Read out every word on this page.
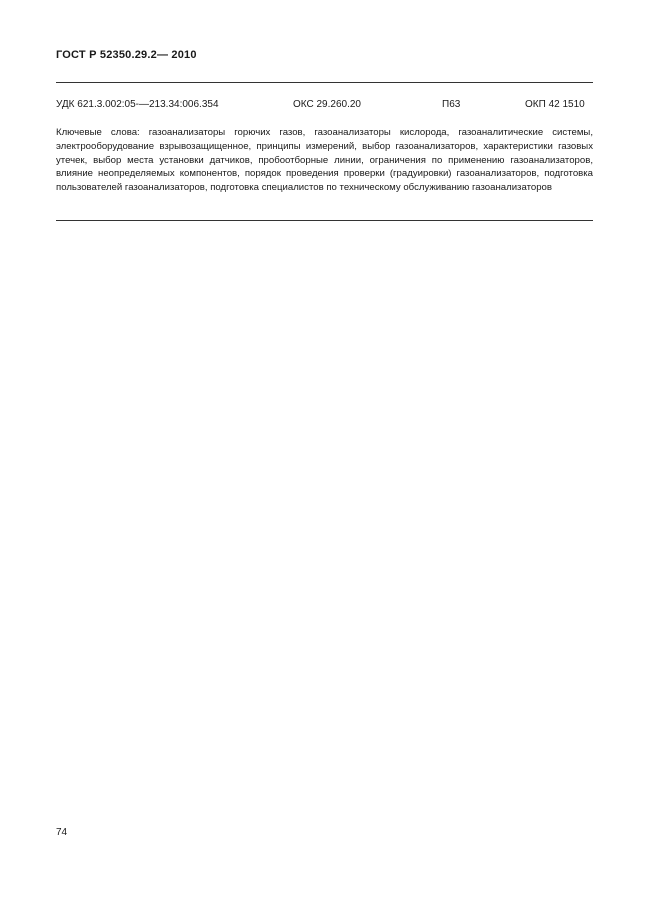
ГОСТ Р 52350.29.2— 2010
УДК 621.3.002:05-—213.34:006.354	ОКС 29.260.20	П63	ОКП 42 1510
Ключевые слова: газоанализаторы горючих газов, газоанализаторы кислорода, газоаналитические системы, электрооборудование взрывозащищенное, принципы измерений, выбор газоанализаторов, характеристики газовых утечек, выбор места установки датчиков, пробоотборные линии, ограничения по применению газоанализаторов, влияние неопределяемых компонентов, порядок проведения проверки (градуировки) газоанализаторов, подготовка пользователей газоанализаторов, подготовка специалистов по техническому обслуживанию газоанализаторов
74
